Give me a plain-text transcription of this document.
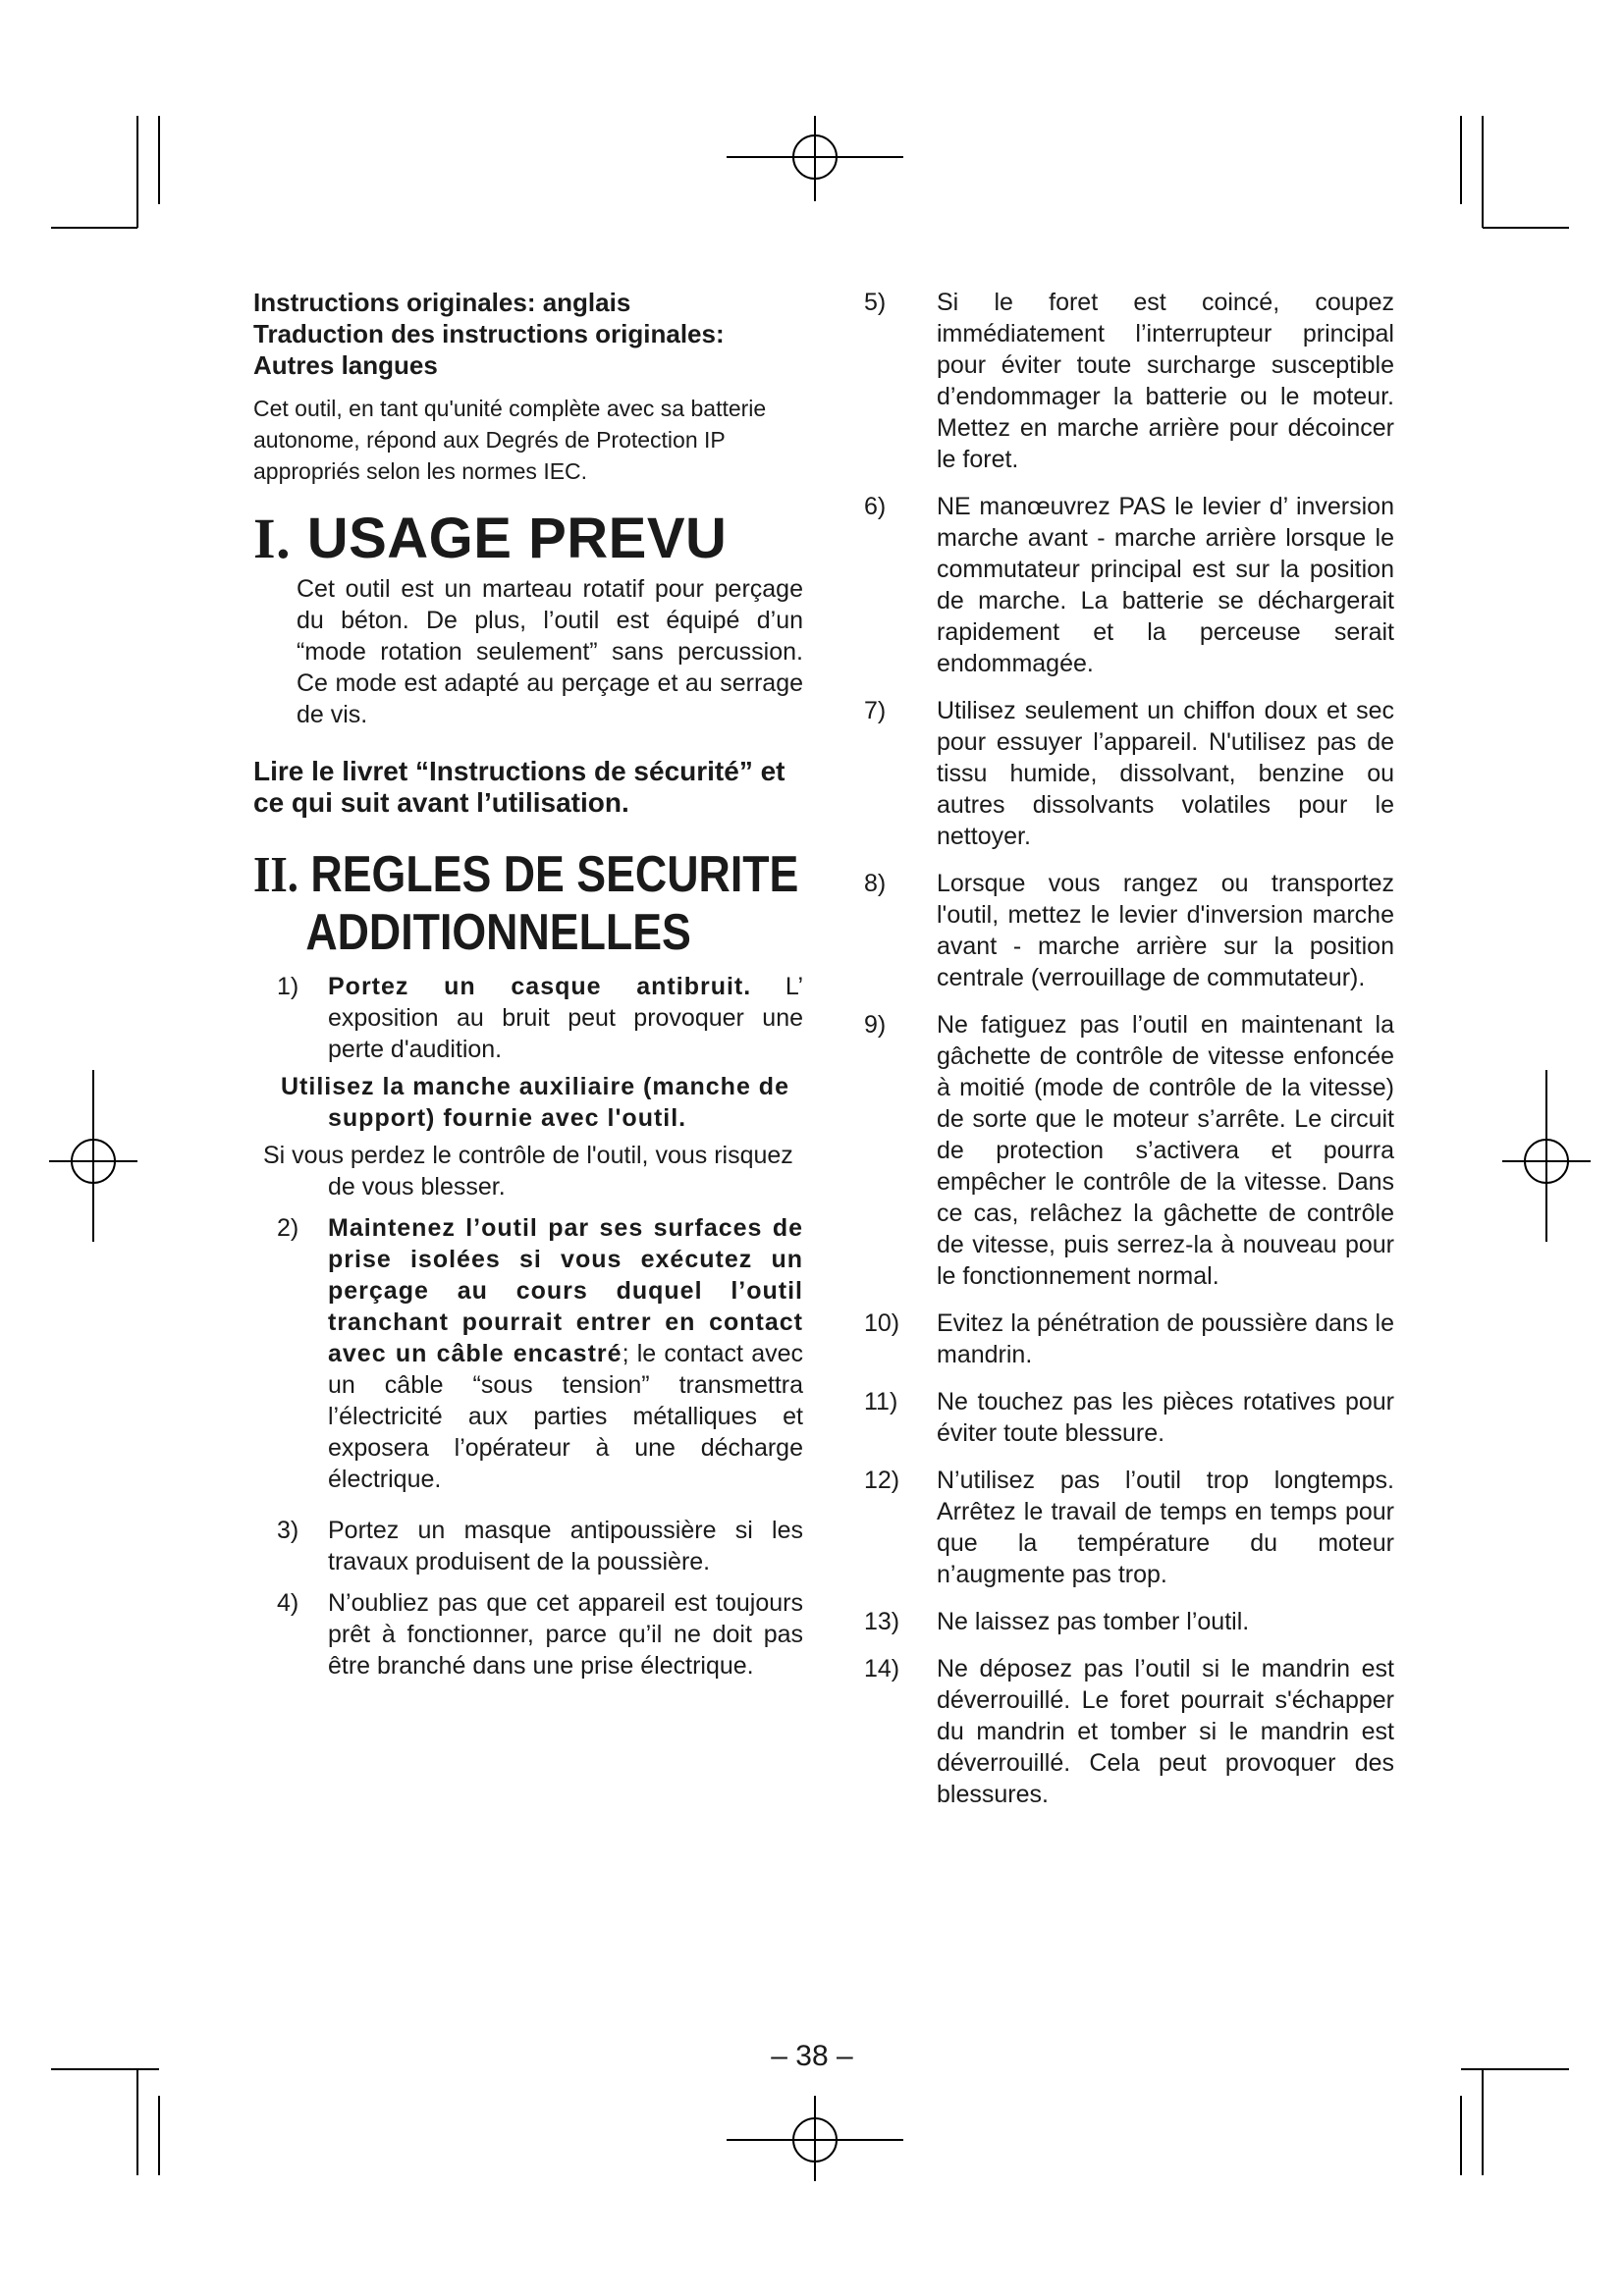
Instructions originales: anglais

Traduction des instructions originales:

Autres langues

Cet outil, en tant qu'unité complète avec sa batterie autonome, répond aux Degrés de Protection IP appropriés selon les normes IEC.

I. USAGE PREVU

Cet outil est un marteau rotatif pour perçage du béton. De plus, l’outil est équipé d’un “mode rotation seulement” sans percussion. Ce mode est adapté au perçage et au serrage de vis.

Lire le livret “Instructions de sécurité” et ce qui suit avant l’utilisation.

II. REGLES DE SECURITE
ADDITIONNELLES
1) Portez un casque antibruit. L’ exposition au bruit peut provoquer une perte d'audition.
Utilisez la manche auxiliaire (manche de support) fournie avec l'outil.
Si vous perdez le contrôle de l'outil, vous risquez de vous blesser.
2) Maintenez l’outil par ses surfaces de prise isolées si vous exécutez un perçage au cours duquel l’outil tranchant pourrait entrer en contact avec un câble encastré; le contact avec un câble “sous tension” transmettra l’électricité aux parties métalliques et exposera l’opérateur à une décharge électrique.
3) Portez un masque antipoussière si les travaux produisent de la poussière.
4) N’oubliez pas que cet appareil est toujours prêt à fonctionner, parce qu’il ne doit pas être branché dans une prise électrique.
5) Si le foret est coincé, coupez immédiatement l’interrupteur principal pour éviter toute surcharge susceptible d’endommager la batterie ou le moteur. Mettez en marche arrière pour décoincer le foret.
6) NE manœuvrez PAS le levier d’ inversion marche avant - marche arrière lorsque le commutateur principal est sur la position de marche. La batterie se déchargerait rapidement et la perceuse serait endommagée.
7) Utilisez seulement un chiffon doux et sec pour essuyer l’appareil. N'utilisez pas de tissu humide, dissolvant, benzine ou autres dissolvants volatiles pour le nettoyer.
8) Lorsque vous rangez ou transportez l'outil, mettez le levier d'inversion marche avant - marche arrière sur la position centrale (verrouillage de commutateur).
9) Ne fatiguez pas l’outil en maintenant la gâchette de contrôle de vitesse enfoncée à moitié (mode de contrôle de la vitesse) de sorte que le moteur s’arrête. Le circuit de protection s’activera et pourra empêcher le contrôle de la vitesse. Dans ce cas, relâchez la gâchette de contrôle de vitesse, puis serrez-la à nouveau pour le fonctionnement normal.
10) Evitez la pénétration de poussière dans le mandrin.
11) Ne touchez pas les pièces rotatives pour éviter toute blessure.
12) N’utilisez pas l’outil trop longtemps. Arrêtez le travail de temps en temps pour que la température du moteur n’augmente pas trop.
13) Ne laissez pas tomber l’outil.
14) Ne déposez pas l’outil si le mandrin est déverrouillé. Le foret pourrait s'échapper du mandrin et tomber si le mandrin est déverrouillé. Cela peut provoquer des blessures.
– 38 –
